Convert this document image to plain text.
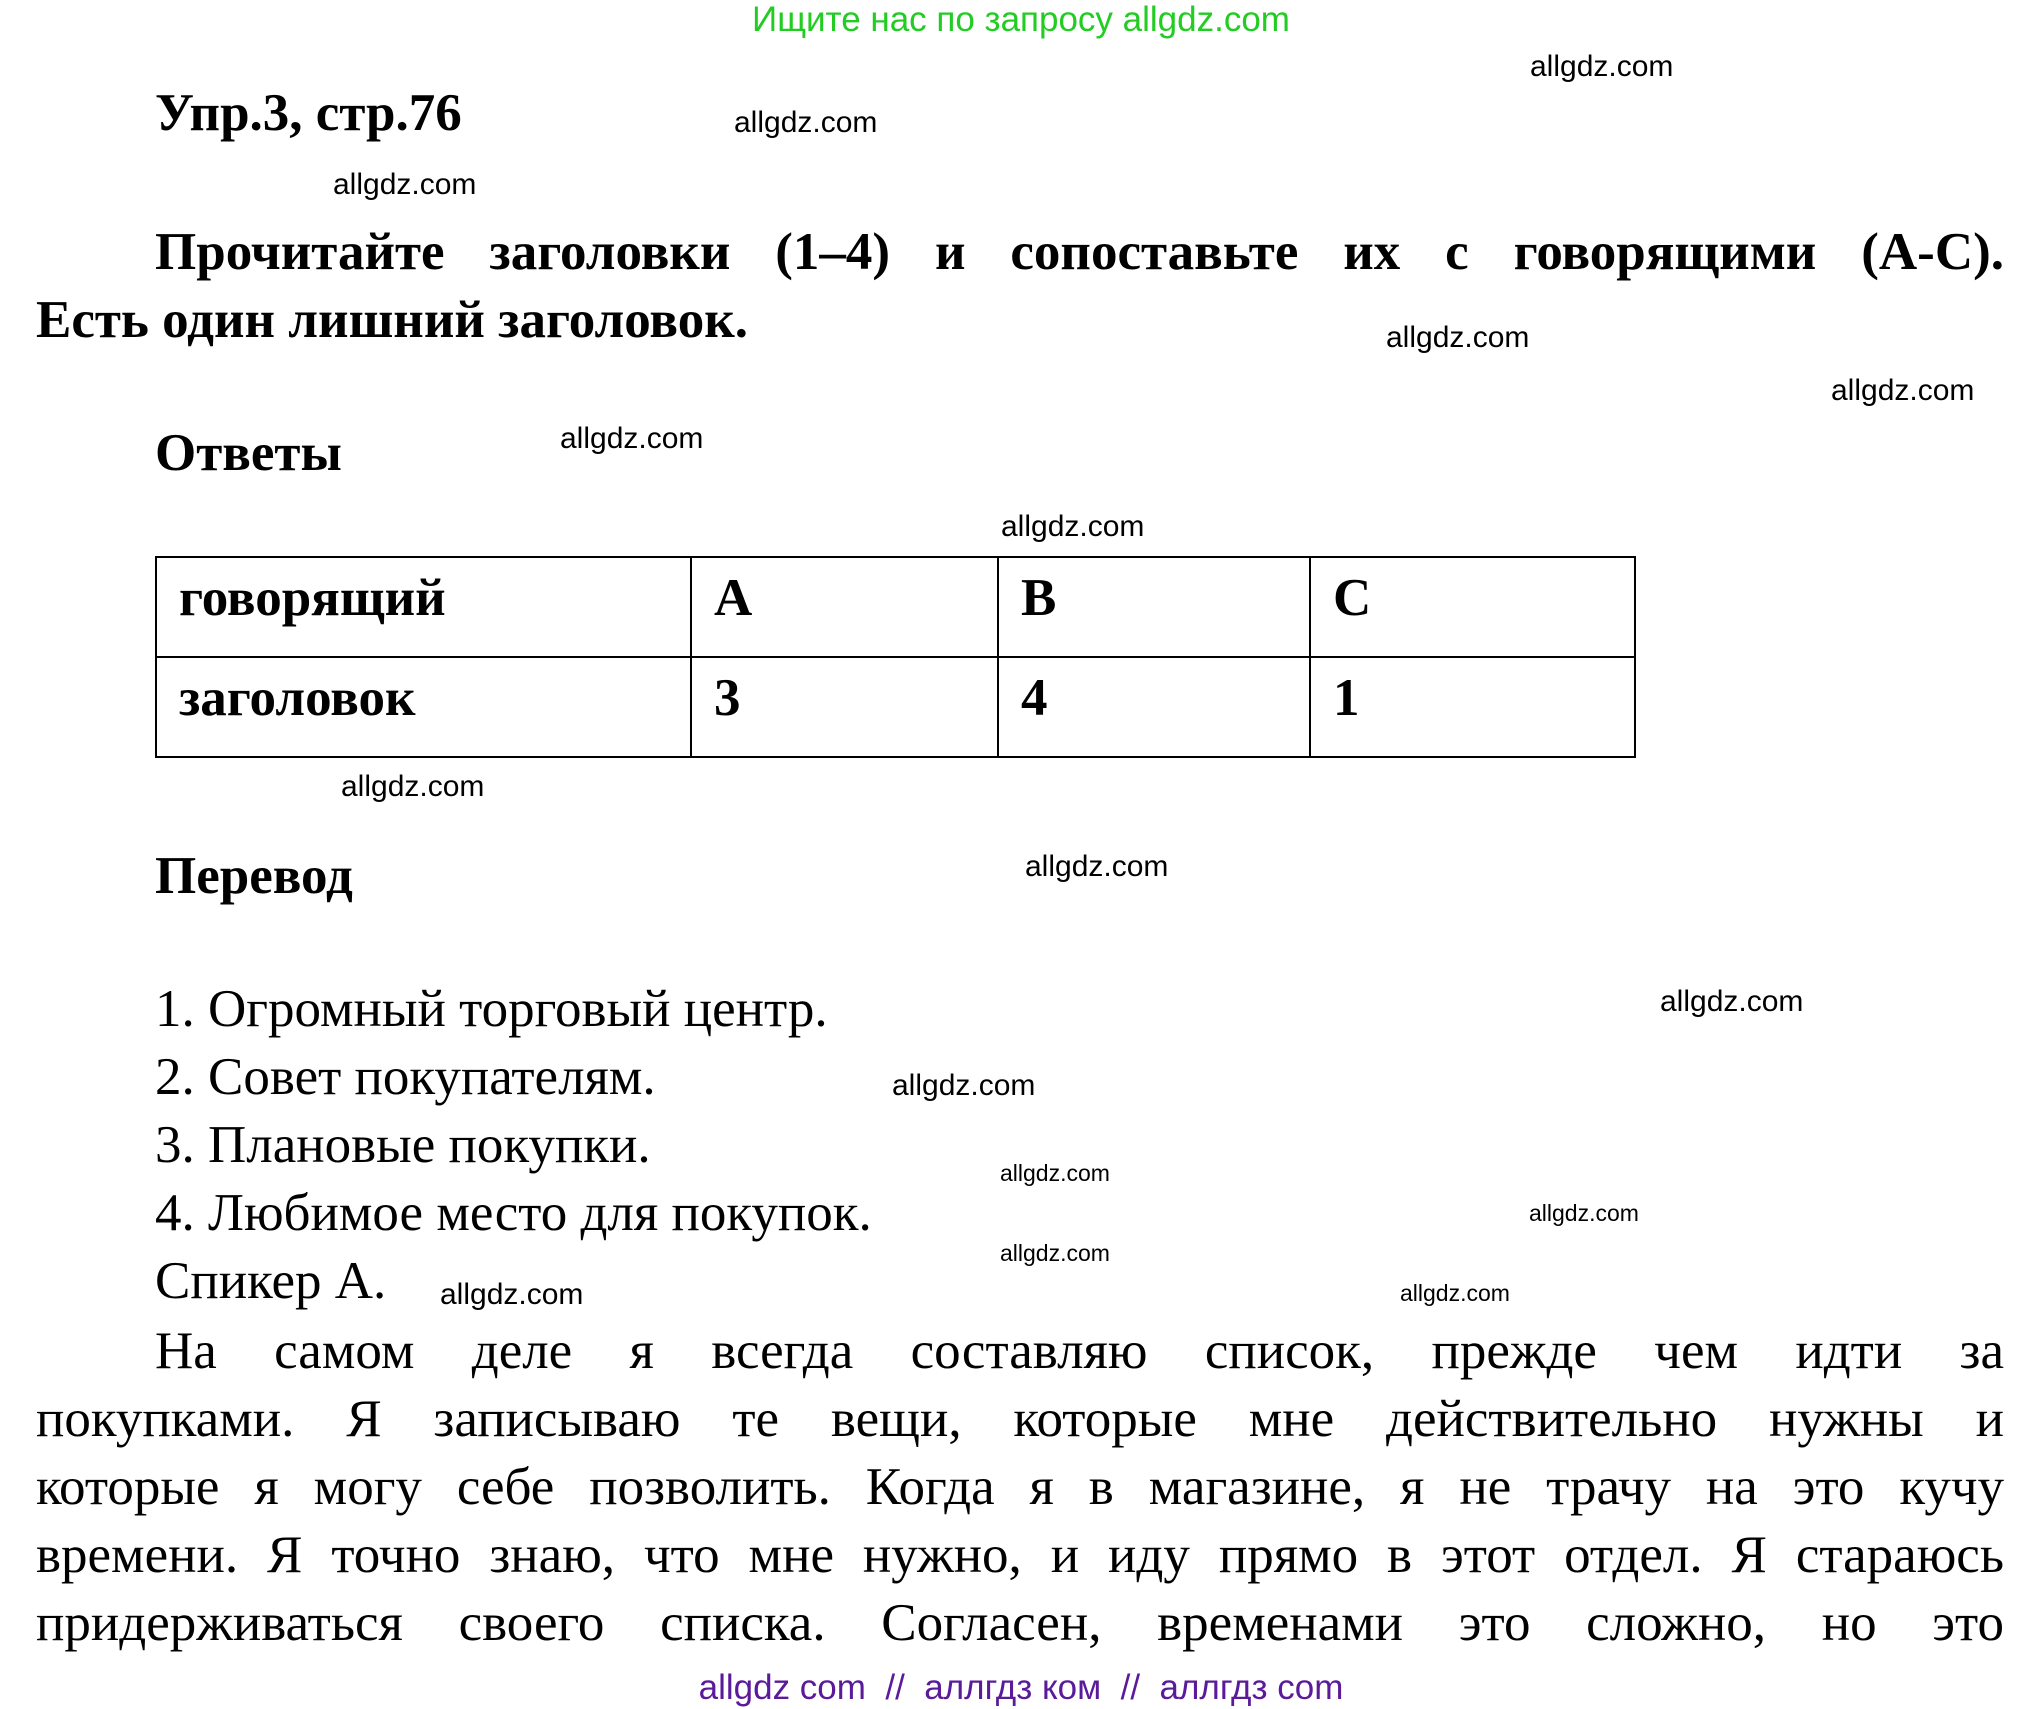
Ищите нас по запросу allgdz.com
Упр.3, стр.76
Прочитайте заголовки (1–4) и сопоставьте их с говорящими (A-C).
Есть один лишний заголовок.
Ответы
говорящий	A	B	C
заголовок	3	4	1
Перевод
1. Огромный торговый центр.
2. Совет покупателям.
3. Плановые покупки.
4. Любимое место для покупок.
Спикер А.
На самом деле я всегда составляю список, прежде чем идти за
покупками. Я записываю те вещи, которые мне действительно нужны и
которые я могу себе позволить. Когда я в магазине, я не трачу на это кучу
времени. Я точно знаю, что мне нужно, и иду прямо в этот отдел. Я стараюсь
придерживаться своего списка. Согласен, временами это сложно, но это
allgdz.com
allgdz.com
allgdz.com
allgdz.com
allgdz.com
allgdz.com
allgdz.com
allgdz.com
allgdz.com
allgdz.com
allgdz.com
allgdz.com
allgdz.com
allgdz.com
allgdz.com
allgdz.com
allgdz com  //  аллгдз ком  //  аллгдз com
